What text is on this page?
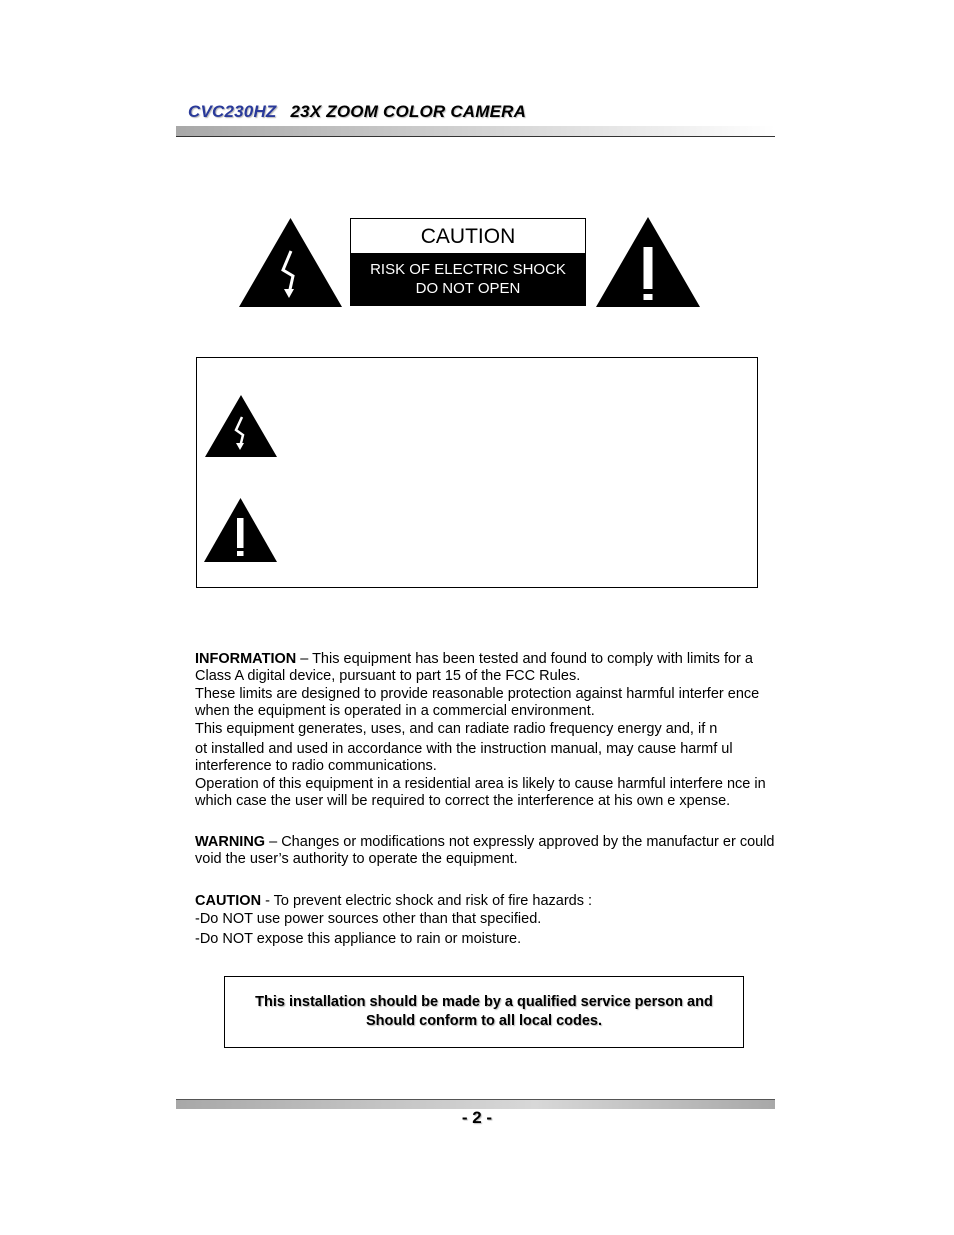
CVC230HZ 23X ZOOM COLOR CAMERA
CAUTION
RISK OF ELECTRIC SHOCK
DO NOT OPEN

INFORMATION – This equipment has been tested and found to comply with limits for a Class A digital device, pursuant to part 15 of the FCC Rules.

These limits are designed to provide reasonable protection against harmful interfer ence when the equipment is operated in a commercial environment.

This equipment generates, uses, and can radiate radio frequency energy and, if n

ot installed and used in accordance with the instruction manual, may cause harmf ul interference to radio communications.

Operation of this equipment in a residential area is likely to cause harmful interfere nce in which case the user will be required to correct the interference at his own e xpense.

WARNING – Changes or modifications not expressly approved by the manufactur er could void the user’s authority to operate the equipment.

CAUTION - To prevent electric shock and risk of fire hazards :

-Do NOT use power sources other than that specified.

-Do NOT expose this appliance to rain or moisture.

This installation should be made by a qualified service person and
Should conform to all local codes.
- 2 -
